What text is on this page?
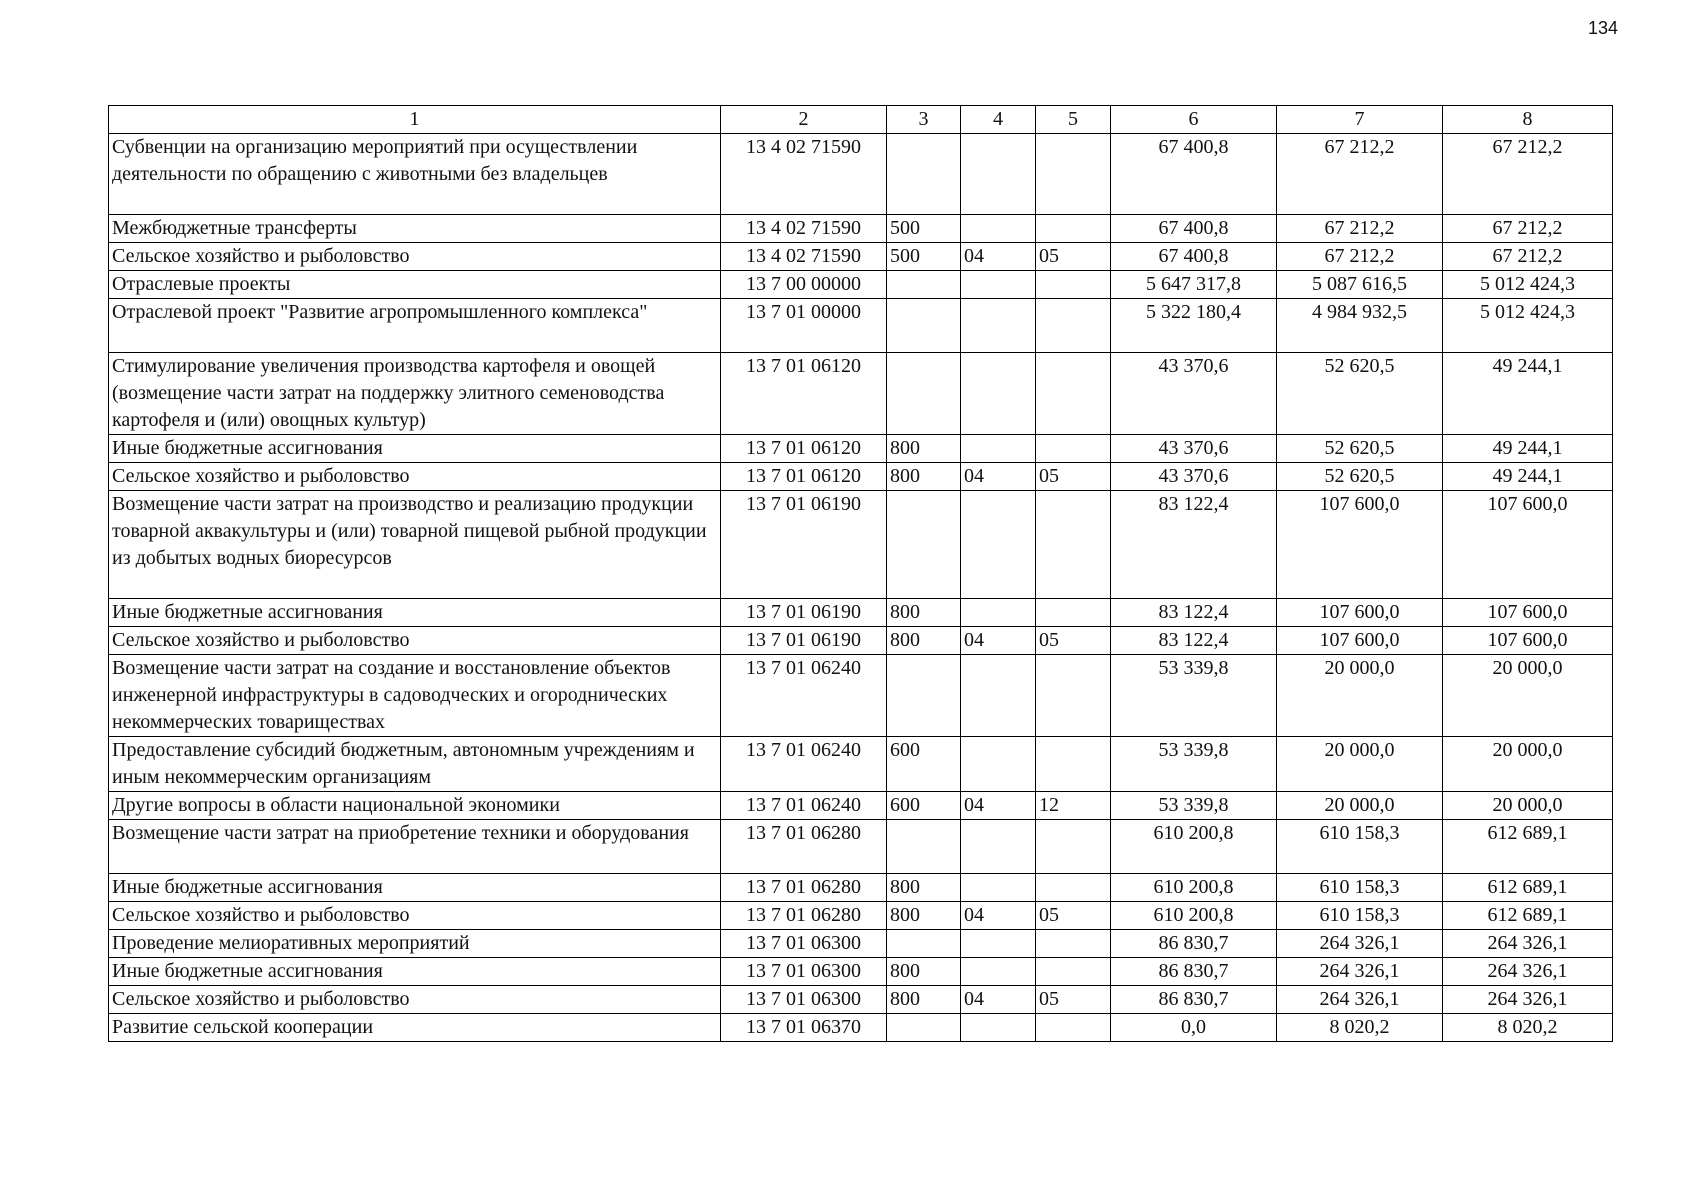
134
1	2	3	4	5	6	7	8
Субвенции на организацию мероприятий при осуществлении деятельности по обращению с животными без владельцев	13 4 02 71590				67 400,8	67 212,2	67 212,2
Межбюджетные трансферты	13 4 02 71590	500			67 400,8	67 212,2	67 212,2
Сельское хозяйство и рыболовство	13 4 02 71590	500	04	05	67 400,8	67 212,2	67 212,2
Отраслевые проекты	13 7 00 00000				5 647 317,8	5 087 616,5	5 012 424,3
Отраслевой проект "Развитие агропромышленного комплекса"	13 7 01 00000				5 322 180,4	4 984 932,5	5 012 424,3
Стимулирование увеличения производства картофеля и овощей (возмещение части затрат на поддержку элитного семеноводства картофеля и (или) овощных культур)	13 7 01 06120				43 370,6	52 620,5	49 244,1
Иные бюджетные ассигнования	13 7 01 06120	800			43 370,6	52 620,5	49 244,1
Сельское хозяйство и рыболовство	13 7 01 06120	800	04	05	43 370,6	52 620,5	49 244,1
Возмещение части затрат на производство и реализацию продукции товарной аквакультуры и (или) товарной пищевой рыбной продукции из добытых водных биоресурсов	13 7 01 06190				83 122,4	107 600,0	107 600,0
Иные бюджетные ассигнования	13 7 01 06190	800			83 122,4	107 600,0	107 600,0
Сельское хозяйство и рыболовство	13 7 01 06190	800	04	05	83 122,4	107 600,0	107 600,0
Возмещение части затрат на создание и восстановление объектов инженерной инфраструктуры в садоводческих и огороднических некоммерческих товариществах	13 7 01 06240				53 339,8	20 000,0	20 000,0
Предоставление субсидий бюджетным, автономным учреждениям и иным некоммерческим организациям	13 7 01 06240	600			53 339,8	20 000,0	20 000,0
Другие вопросы в области национальной экономики	13 7 01 06240	600	04	12	53 339,8	20 000,0	20 000,0
Возмещение части затрат на приобретение техники и оборудования	13 7 01 06280				610 200,8	610 158,3	612 689,1
Иные бюджетные ассигнования	13 7 01 06280	800			610 200,8	610 158,3	612 689,1
Сельское хозяйство и рыболовство	13 7 01 06280	800	04	05	610 200,8	610 158,3	612 689,1
Проведение мелиоративных мероприятий	13 7 01 06300				86 830,7	264 326,1	264 326,1
Иные бюджетные ассигнования	13 7 01 06300	800			86 830,7	264 326,1	264 326,1
Сельское хозяйство и рыболовство	13 7 01 06300	800	04	05	86 830,7	264 326,1	264 326,1
Развитие сельской кооперации	13 7 01 06370				0,0	8 020,2	8 020,2
